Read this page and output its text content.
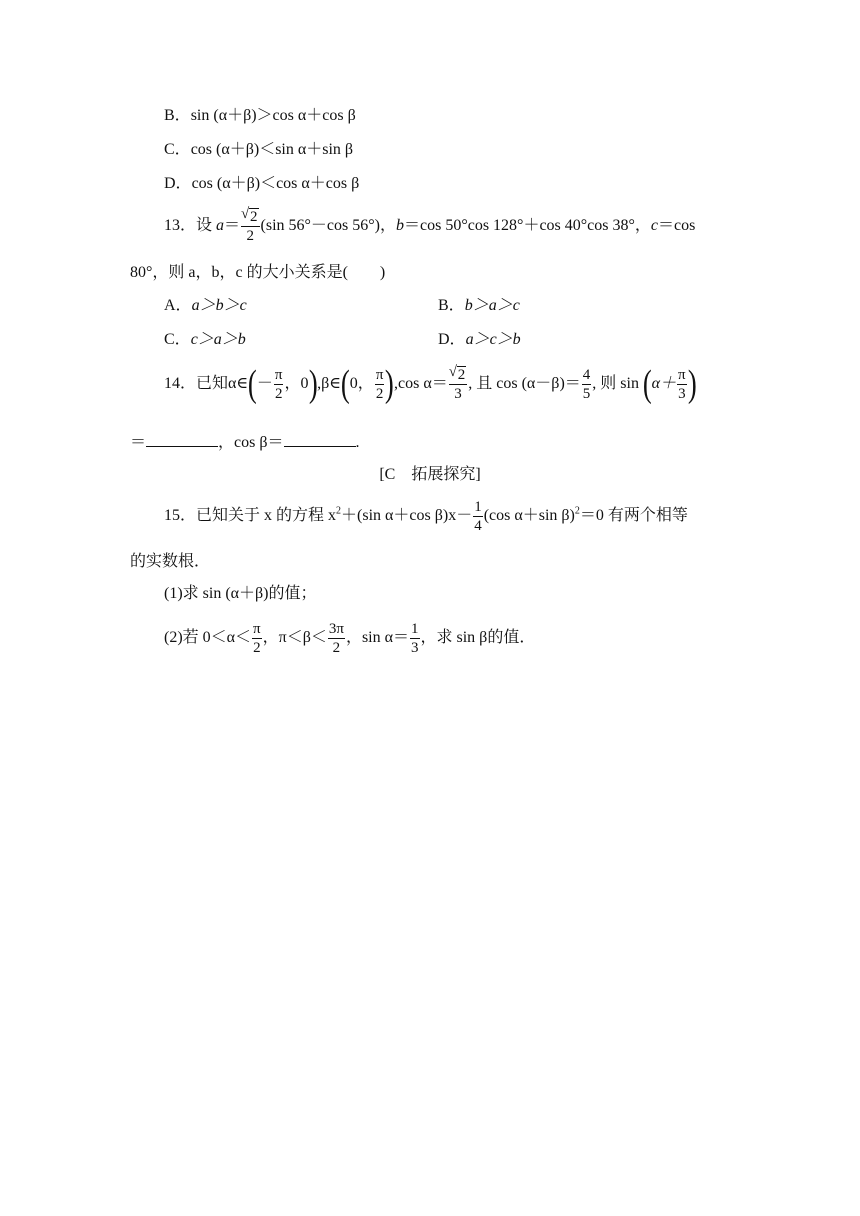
B．sin (α＋β)＞cos α＋cos β
C．cos (α＋β)＜sin α＋sin β
D．cos (α＋β)＜cos α＋cos β
13．设 a＝ √ $\frac{2}{2} (\sin$ 56°－cos 56°)，b＝cos 50°cos 128°＋cos 40°cos 38°，c＝cos
80°，则 a，b，c 的大小关系是(　　)
A．a＞b＞c	B．b＞a＞c
C．c＞a＞b	D．a＞c＞b
14．已知α∈(－ $\frac{\pi}{2}$ ，0),β∈(0， $\frac{\pi}{2} ),\cos$ α＝ √ $\frac{2}{3}$ , 且 $\cos (\alpha-\beta)= \frac{4}{5}$ , 则 $\sin (\alpha+ \frac{\pi}{3}$ )
＝	，cos β＝	.
[C　拓展探究]
15．已知关于 x 的方程 $x^2+(\sin$ α＋cos $\beta)x- \frac{1}{4} (\cos$ α＋sin β)$^2$＝0 有两个相等
的实数根．
(1)求 sin (α＋β)的值；
(2)若 $0<\alpha< \frac{\pi}{2}$ ，$\pi<\beta< \frac{3\pi}{2}$ ，$\sin \alpha= \frac{1}{3}$ ，求 sin β的值．
